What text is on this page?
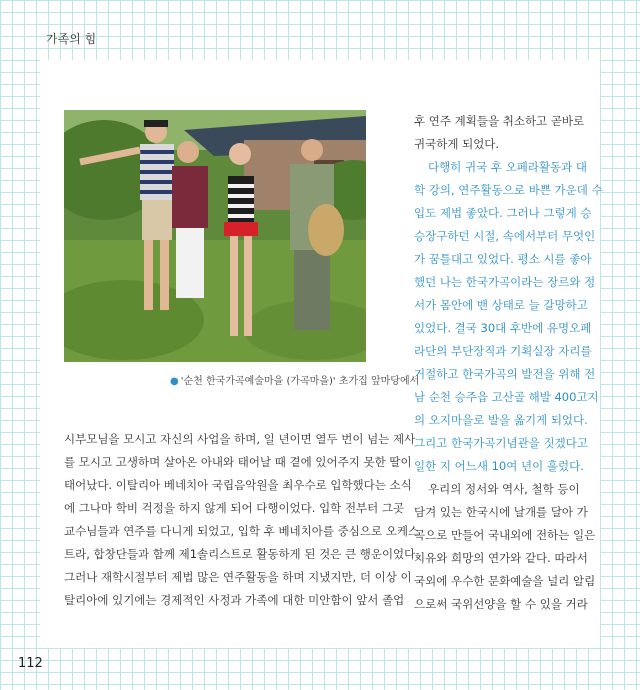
가족의 힘
● '순천 한국가곡예술마을 (가곡마을)' 초가집 앞마당에서

시부모님을 모시고 자신의 사업을 하며, 일 년이면 열두 번이 넘는 제사

를 모시고 고생하며 살아온 아내와 태어날 때 곁에 있어주지 못한 딸이

태어났다. 이탈리아 베네치아 국립음악원을 최우수로 입학했다는 소식

에 그나마 학비 걱정을 하지 않게 되어 다행이었다. 입학 전부터 그곳

교수님들과 연주를 다니게 되었고, 입학 후 베네치아를 중심으로 오케스

트라, 합창단들과 함께 제1솔리스트로 활동하게 된 것은 큰 행운이었다.

그러나 재학시절부터 제법 많은 연주활동을 하며 지냈지만, 더 이상 이

탈리아에 있기에는 경제적인 사정과 가족에 대한 미안함이 앞서 졸업

후 연주 계획들을 취소하고 곧바로

귀국하게 되었다.

다행히 귀국 후 오페라활동과 대

학 강의, 연주활동으로 바쁜 가운데 수

입도 제법 좋았다. 그러나 그렇게 승

승장구하던 시절, 속에서부터 무엇인

가 꿈틀대고 있었다. 평소 시를 좋아

했던 나는 한국가곡이라는 장르와 정

서가 몸안에 밴 상태로 늘 갈망하고

있었다. 결국 30대 후반에 유명오페

라단의 부단장직과 기획실장 자리를

거절하고 한국가곡의 발전을 위해 전

남 순천 승주읍 고산골 해발 400고지

의 오지마을로 발을 옮기게 되었다.

그리고 한국가곡기념관을 짓겠다고

일한 지 어느새 10여 년이 흘렀다.

우리의 정서와 역사, 철학 등이

담겨 있는 한국시에 날개를 달아 가

곡으로 만들어 국내외에 전하는 일은

치유와 희망의 연가와 같다. 따라서

국외에 우수한 문화예술을 널리 알림

으로써 국위선양을 할 수 있을 거라

112
